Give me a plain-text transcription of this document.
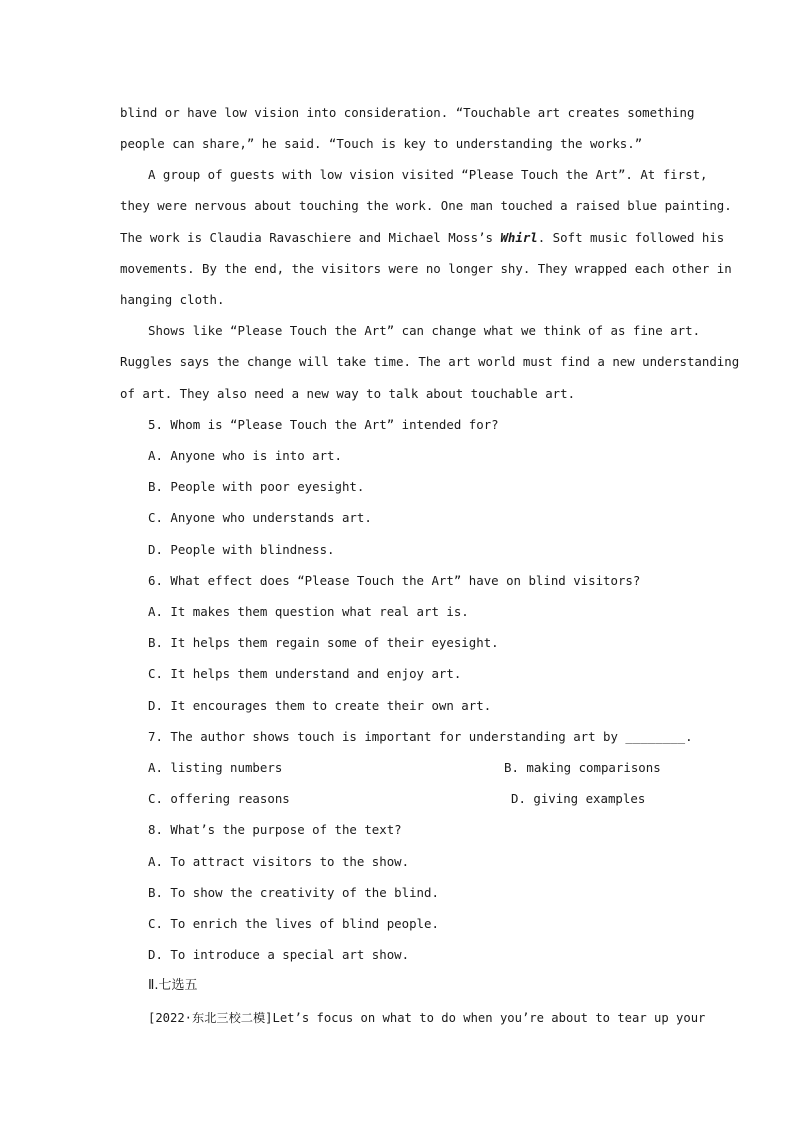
blind or have low vision into consideration. “Touchable art creates something
people can share,” he said. “Touch is key to understanding the works.”
A group of guests with low vision visited “Please Touch the Art”. At first,
they were nervous about touching the work. One man touched a raised blue painting.
The work is Claudia Ravaschiere and Michael Moss’s Whirl. Soft music followed his
movements. By the end, the visitors were no longer shy. They wrapped each other in
hanging cloth.
Shows like “Please Touch the Art” can change what we think of as fine art.
Ruggles says the change will take time. The art world must find a new understanding
of art. They also need a new way to talk about touchable art.
5. Whom is “Please Touch the Art” intended for?
A. Anyone who is into art.
B. People with poor eyesight.
C. Anyone who understands art.
D. People with blindness.
6. What effect does “Please Touch the Art” have on blind visitors?
A. It makes them question what real art is.
B. It helps them regain some of their eyesight.
C. It helps them understand and enjoy art.
D. It encourages them to create their own art.
7. The author shows touch is important for understanding art by ________.
A. listing numbers	B. making comparisons
C. offering reasons	D. giving examples
8. What’s the purpose of the text?
A. To attract visitors to the show.
B. To show the creativity of the blind.
C. To enrich the lives of blind people.
D. To introduce a special art show.
Ⅱ.七选五
[2022·东北三校二模]Let’s focus on what to do when you’re about to tear up your
